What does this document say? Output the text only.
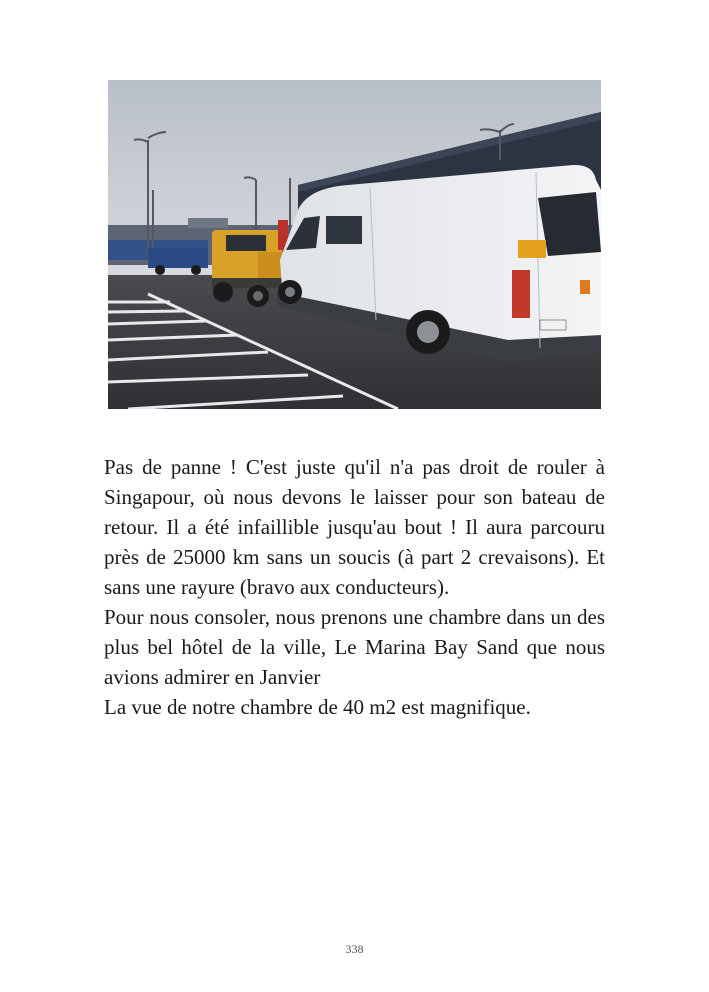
Pas de panne ! C'est juste qu'il n'a pas droit de rouler à Singapour, où nous devons le laisser pour son bateau de retour. Il a été infaillible jusqu'au bout ! Il aura parcouru près de 25000 km sans un soucis (à part 2 crevaisons). Et sans une rayure (bravo aux conducteurs).

Pour nous consoler, nous prenons une chambre dans un des plus bel hôtel de la ville, Le Marina Bay Sand que nous avions admirer en Janvier

La vue de notre chambre de 40 m2 est magnifique.

338
